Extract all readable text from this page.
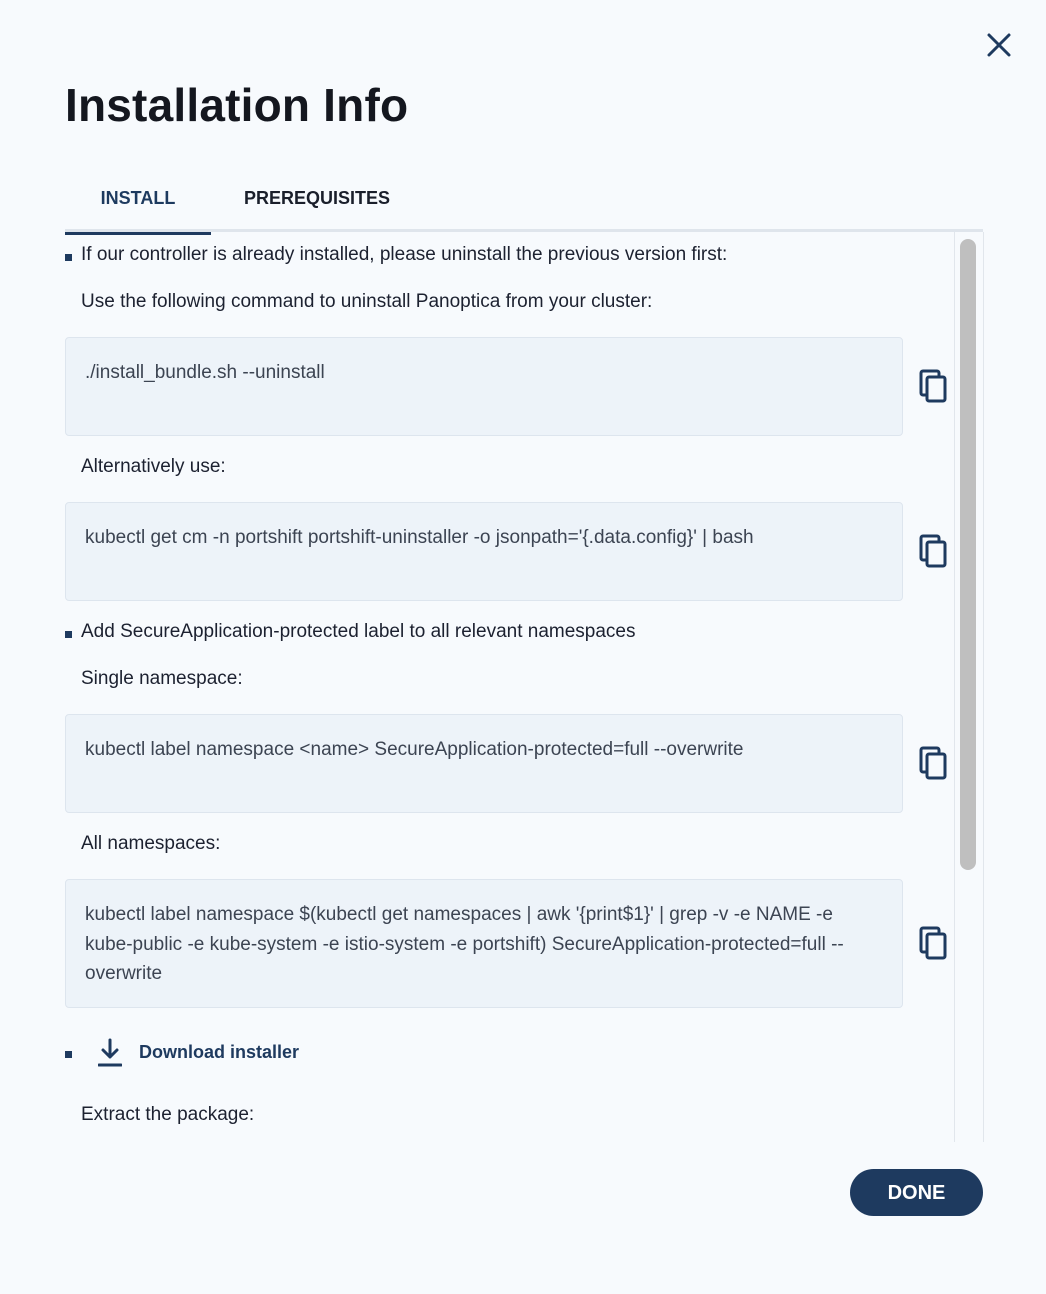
Installation Info
INSTALL	PREREQUISITES
If our controller is already installed, please uninstall the previous version first:
Use the following command to uninstall Panoptica from your cluster:
./install_bundle.sh --uninstall
Alternatively use:
kubectl get cm -n portshift portshift-uninstaller -o jsonpath='{.data.config}' | bash
Add SecureApplication-protected label to all relevant namespaces
Single namespace:
kubectl label namespace <name> SecureApplication-protected=full --overwrite
All namespaces:
kubectl label namespace $(kubectl get namespaces | awk '{print$1}' | grep -v -e NAME -e kube-public -e kube-system -e istio-system -e portshift) SecureApplication-protected=full --overwrite
Download installer
Extract the package:
DONE
